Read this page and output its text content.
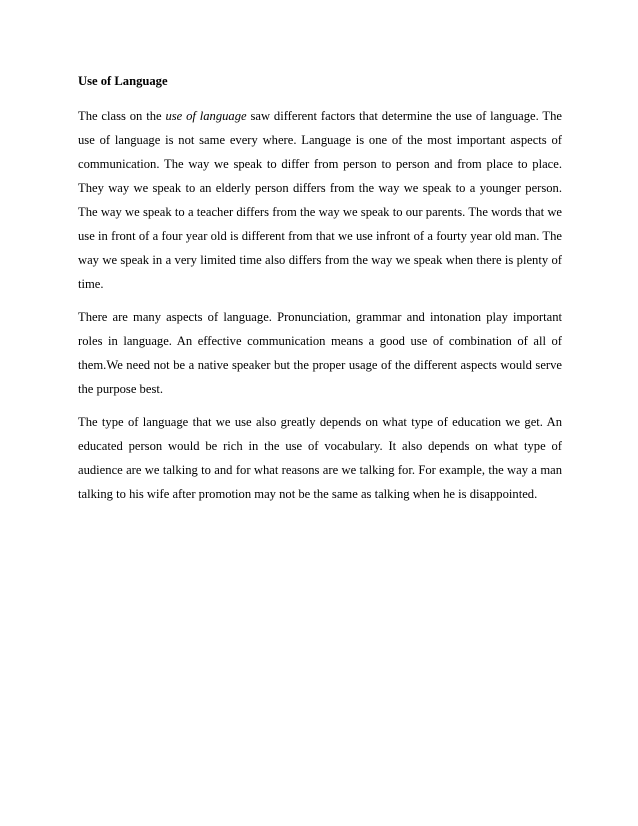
Use of Language

The class on the use of language saw different factors that determine the use of language. The use of language is not same every where. Language is one of the most important aspects of communication. The way we speak to differ from person to person and from place to place. They way we speak to an elderly person differs from the way we speak to a younger person. The way we speak to a teacher differs from the way we speak to our parents. The words that we use in front of a four year old is different from that we use infront of a fourty year old man. The way we speak in a very limited time also differs from the way we speak when there is plenty of time.

There are many aspects of language. Pronunciation, grammar and intonation play important roles in language. An effective communication means a good use of combination of all of them.We need not be a native speaker but the proper usage of the different aspects would serve the purpose best.

The type of language that we use also greatly depends on what type of education we get. An educated person would be rich in the use of vocabulary. It also depends on what type of audience are we talking to and for what reasons are we talking for. For example, the way a man talking to his wife after promotion may not be the same as talking when he is disappointed.
